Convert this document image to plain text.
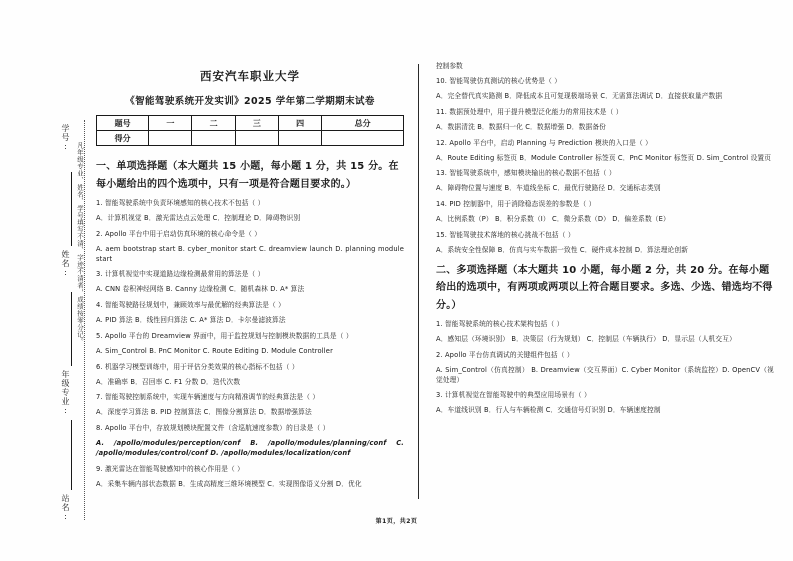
学号:
姓名:
年级专业:
站名:
凡年级专业、姓名、学号填写不清、字迹不清者，成绩按零分记。
西安汽车职业大学
《智能驾驶系统开发实训》2025 学年第二学期期末试卷
题号	一	二	三	四	总分
得分					
一、单项选择题（本大题共 15 小题，每小题 1 分，共 15 分。在每小题给出的四个选项中，只有一项是符合题目要求的。）
1. 智能驾驶系统中负责环境感知的核心技术不包括（ ）
A．计算机视觉 B．激光雷达点云处理 C．控制理论 D．障碍物识别
2. Apollo 平台中用于启动仿真环境的核心命令是（ ）
A. aem bootstrap start B. cyber_monitor start C. dreamview launch D. planning module start
3. 计算机视觉中实现道路边缘检测最常用的算法是（ ）
A. CNN 卷积神经网络 B. Canny 边缘检测 C．随机森林 D. A* 算法
4. 智能驾驶路径规划中，兼顾效率与最优解的经典算法是（ ）
A. PID 算法 B．线性回归算法 C. A* 算法 D．卡尔曼滤波算法
5. Apollo 平台的 Dreamview 界面中，用于监控规划与控制模块数据的工具是（ ）
A. Sim_Control B. PnC Monitor C. Route Editing D. Module Controller
6. 机器学习模型训练中，用于评估分类效果的核心指标不包括（ ）
A．准确率 B．召回率 C. F1 分数 D．迭代次数
7. 智能驾驶控制系统中，实现车辆速度与方向精准调节的经典算法是（ ）
A．深度学习算法 B. PID 控制算法 C．图像分割算法 D．数据增强算法
8. Apollo 平台中，存放规划模块配置文件（含巡航速度参数）的目录是（ ）
A. /apollo/modules/perception/conf B. /apollo/modules/planning/conf C. /apollo/modules/control/conf D. /apollo/modules/localization/conf
9. 激光雷达在智能驾驶感知中的核心作用是（ ）
A．采集车辆内部状态数据 B．生成高精度三维环境模型 C．实现图像语义分割 D．优化
控制参数
10. 智能驾驶仿真测试的核心优势是（ ）
A．完全替代真实路测 B．降低成本且可复现极端场景 C．无需算法调试 D．直接获取量产数据
11. 数据预处理中，用于提升模型泛化能力的常用技术是（ ）
A．数据清洗 B．数据归一化 C．数据增强 D．数据备份
12. Apollo 平台中，启动 Planning 与 Prediction 模块的入口是（ ）
A．Route Editing 标签页 B．Module Controller 标签页 C．PnC Monitor 标签页 D. Sim_Control 设置页
13. 智能驾驶系统中，感知模块输出的核心数据不包括（ ）
A．障碍物位置与速度 B．车道线坐标 C．最优行驶路径 D．交通标志类别
14. PID 控制器中，用于消除稳态误差的参数是（ ）
A．比例系数（P） B．积分系数（I） C．微分系数（D） D．偏差系数（E）
15. 智能驾驶技术落地的核心挑战不包括（ ）
A．系统安全性保障 B．仿真与实车数据一致性 C．硬件成本控制 D．算法理论创新
二、多项选择题（本大题共 10 小题，每小题 2 分，共 20 分。在每小题给出的选项中，有两项或两项以上符合题目要求。多选、少选、错选均不得分。）
1. 智能驾驶系统的核心技术架构包括（ ）
A．感知层（环境识别） B．决策层（行为规划） C．控制层（车辆执行） D．显示层（人机交互）
2. Apollo 平台仿真调试的关键组件包括（ ）
A. Sim_Control（仿真控制） B. Dreamview（交互界面）C. Cyber Monitor（系统监控）D. OpenCV（视觉处理）
3. 计算机视觉在智能驾驶中的典型应用场景有（ ）
A．车道线识别 B．行人与车辆检测 C．交通信号灯识别 D．车辆速度控制
第1页，共2页
